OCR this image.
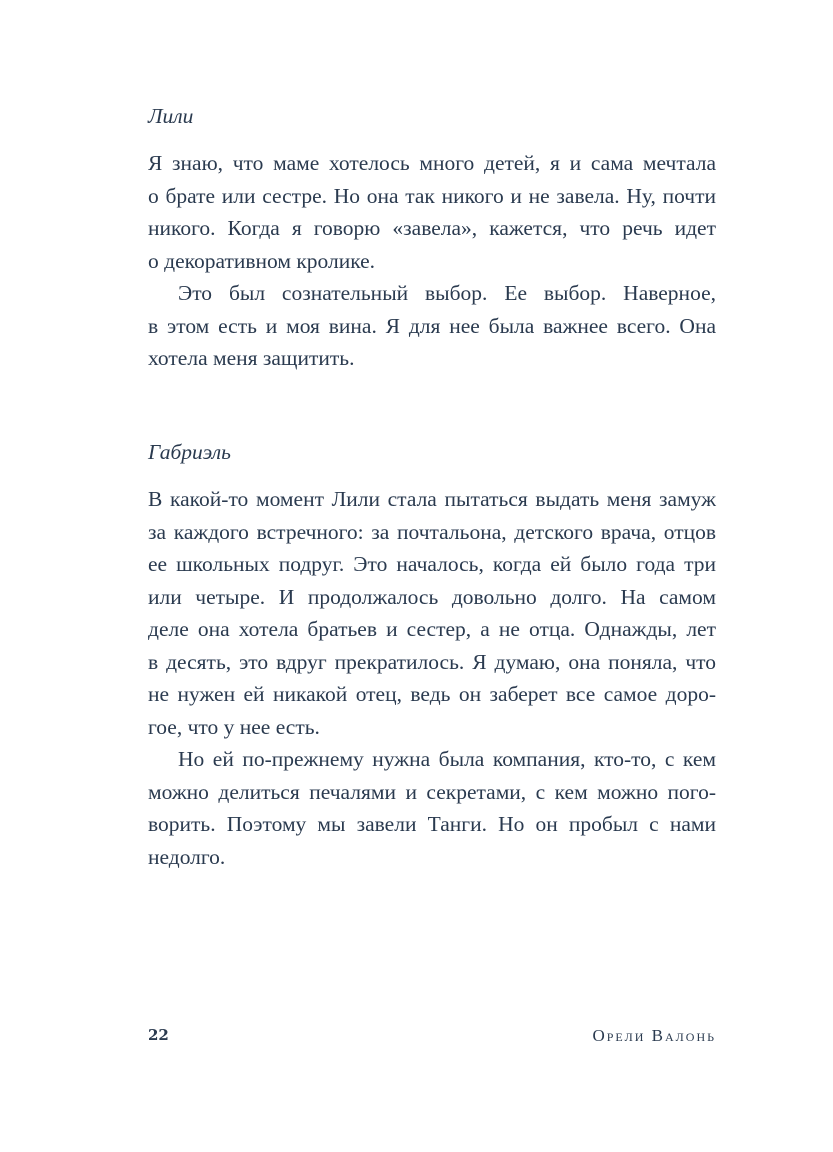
Лили

Я знаю, что маме хотелось много детей, я и сама мечтала
о брате или сестре. Но она так никого и не завела. Ну, почти
никого. Когда я говорю «завела», кажется, что речь идет
о декоративном кролике.
Это был сознательный выбор. Ее выбор. Наверное,
в этом есть и моя вина. Я для нее была важнее всего. Она
хотела меня защитить.

Габриэль

В какой-то момент Лили стала пытаться выдать меня замуж
за каждого встречного: за почтальона, детского врача, отцов
ее школьных подруг. Это началось, когда ей было года три
или четыре. И продолжалось довольно долго. На самом
деле она хотела братьев и сестер, а не отца. Однажды, лет
в десять, это вдруг прекратилось. Я думаю, она поняла, что
не нужен ей никакой отец, ведь он заберет все самое доро-
гое, что у нее есть.
Но ей по-прежнему нужна была компания, кто-то, с кем
можно делиться печалями и секретами, с кем можно пого-
ворить. Поэтому мы завели Танги. Но он пробыл с нами
недолго.
22	Орели Валонь
